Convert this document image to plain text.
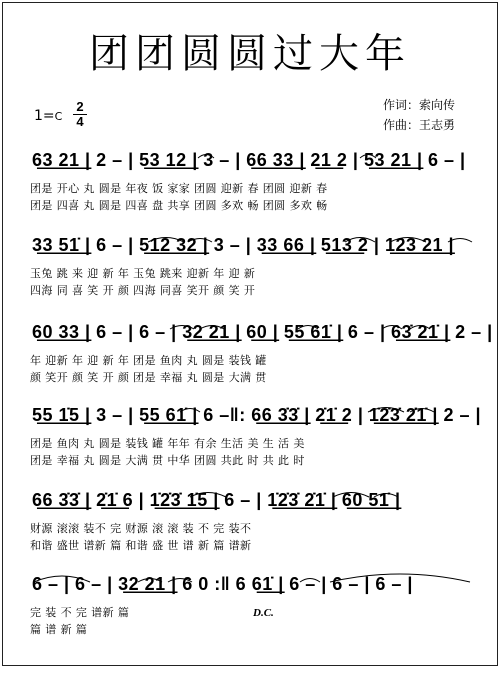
团团圆圆过大年
作词：索向传
作曲：王志勇
1=C
2
4
6͟3͟ 2͟1͟ | 2 – | 5͟3͟ 1͟2͟ | 3 – | 6͟6͟ 3͟3͟ | 2͟1͟ 2 | 5͟3͟ 2͟1͟ | 6 – |
团是 开心 丸 圆是 年夜 饭 家家 团圆 迎新 春 团圆 迎新 春
团是 四喜 丸 圆是 四喜 盘 共享 团圆 多欢 畅 团圆 多欢 畅
3͟3͟ 5͟1̇͟ | 6 – | 5͟1͟2͟ 3͟2͟ | 3 – | 3͟3͟ 6͟6͟ | 5͟1͟3͟ 2 | 1͟2͟3͟ 2͟1͟ |
玉兔 跳 来 迎 新 年 玉兔 跳来 迎新 年 迎 新
四海 同 喜 笑 开 颜 四海 同喜 笑开 颜 笑 开
6͟0͟ 3͟3͟ | 6 – | 6 – | 3͟2͟ 2͟1͟ | 6͟0͟ | 5͟5͟ 6͟1̇͟ | 6 – | 6͟3̇͟ 2͟1̇͟ | 2 – |
年 迎新 年 迎 新 年 团是 鱼肉 丸 圆是 装钱 罐
颜 笑开 颜 笑 开 颜 团是 幸福 丸 圆是 大满 贯
5͟5͟ 1̇͟5͟ | 3 – | 5͟5͟ 6͟1̇͟ | 6 –‖: 6͟6͟ 3̇͟3̇͟ | 2̇͟1̇͟ 2 | 1̇͟2̇͟3̇͟ 2̇͟1̇͟ | 2 – |
团是 鱼肉 丸 圆是 装钱 罐 年年 有余 生活 美 生 活 美
团是 幸福 丸 圆是 大满 贯 中华 团圆 共此 时 共 此 时
6͟6͟ 3̇͟3̇͟ | 2̇͟1̇͟ 6 | 1̇͟2̇͟3̇͟ 1̇͟5͟ | 6 – | 1̇͟2̇͟3̇͟ 2̇͟1̇͟ | 6͟0͟ 5͟1̇͟ |
财源 滚滚 装不 完 财源 滚 滚 装 不 完 装不
和谐 盛世 谱新 篇 和谐 盛 世 谱 新 篇 谱新
6 – | 6 – | 3͟2͟ 2͟1͟ | 6 0 :‖ 6 6͟1̇͟ | 6 – | 6 – | 6 – |
完 装 不 完 谱新 篇
篇 谱 新 篇
D.C.
